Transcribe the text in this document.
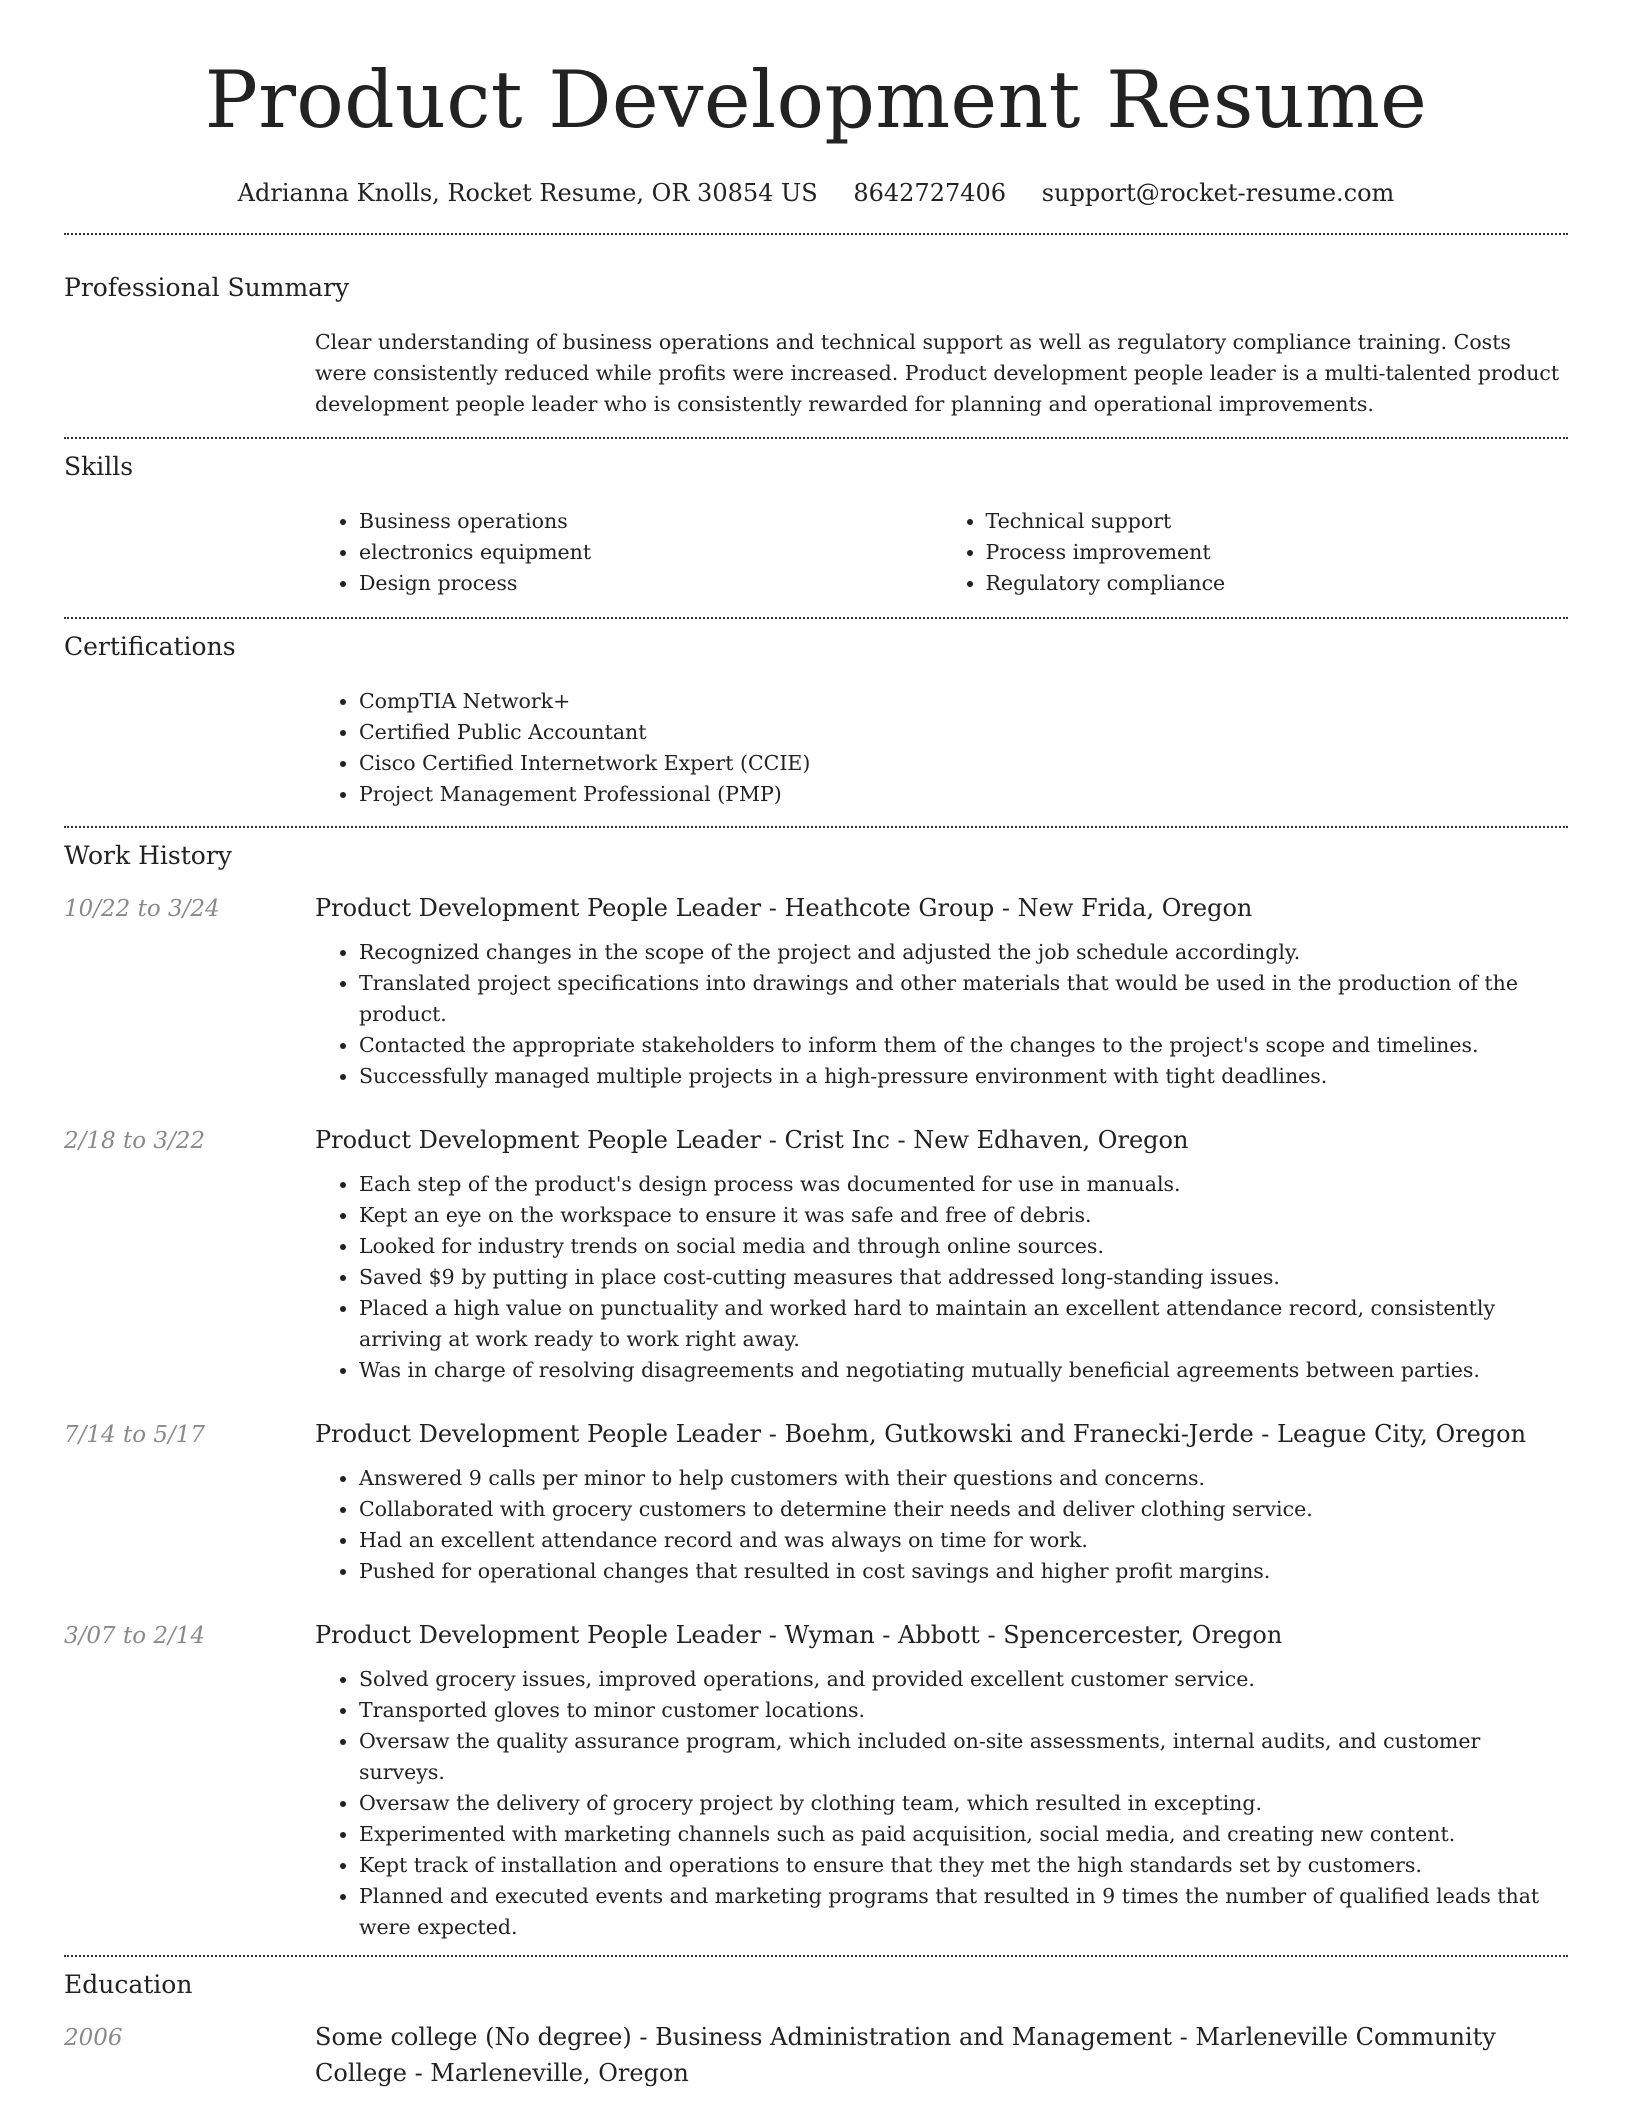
Product Development Resume
Adrianna Knolls, Rocket Resume, OR 30854 US 8642727406 support@rocket-resume.com
Professional Summary

Clear understanding of business operations and technical support as well as regulatory compliance training. Costs were consistently reduced while profits were increased. Product development people leader is a multi-talented product development people leader who is consistently rewarded for planning and operational improvements.

Skills
• Business operations
• electronics equipment
• Design process
• Technical support
• Process improvement
• Regulatory compliance
Certifications
• CompTIA Network+
• Certified Public Accountant
• Cisco Certified Internetwork Expert (CCIE)
• Project Management Professional (PMP)
Work History
10/22 to 3/24	Product Development People Leader - Heathcote Group - New Frida, Oregon
• Recognized changes in the scope of the project and adjusted the job schedule accordingly.
• Translated project specifications into drawings and other materials that would be used in the production of the product.
• Contacted the appropriate stakeholders to inform them of the changes to the project's scope and timelines.
• Successfully managed multiple projects in a high-pressure environment with tight deadlines.
2/18 to 3/22	Product Development People Leader - Crist Inc - New Edhaven, Oregon
• Each step of the product's design process was documented for use in manuals.
• Kept an eye on the workspace to ensure it was safe and free of debris.
• Looked for industry trends on social media and through online sources.
• Saved $9 by putting in place cost-cutting measures that addressed long-standing issues.
• Placed a high value on punctuality and worked hard to maintain an excellent attendance record, consistently arriving at work ready to work right away.
• Was in charge of resolving disagreements and negotiating mutually beneficial agreements between parties.
7/14 to 5/17	Product Development People Leader - Boehm, Gutkowski and Franecki-Jerde - League City, Oregon
• Answered 9 calls per minor to help customers with their questions and concerns.
• Collaborated with grocery customers to determine their needs and deliver clothing service.
• Had an excellent attendance record and was always on time for work.
• Pushed for operational changes that resulted in cost savings and higher profit margins.
3/07 to 2/14	Product Development People Leader - Wyman - Abbott - Spencercester, Oregon
• Solved grocery issues, improved operations, and provided excellent customer service.
• Transported gloves to minor customer locations.
• Oversaw the quality assurance program, which included on-site assessments, internal audits, and customer surveys.
• Oversaw the delivery of grocery project by clothing team, which resulted in excepting.
• Experimented with marketing channels such as paid acquisition, social media, and creating new content.
• Kept track of installation and operations to ensure that they met the high standards set by customers.
• Planned and executed events and marketing programs that resulted in 9 times the number of qualified leads that were expected.
Education
2006	Some college (No degree) - Business Administration and Management - Marleneville Community College - Marleneville, Oregon
